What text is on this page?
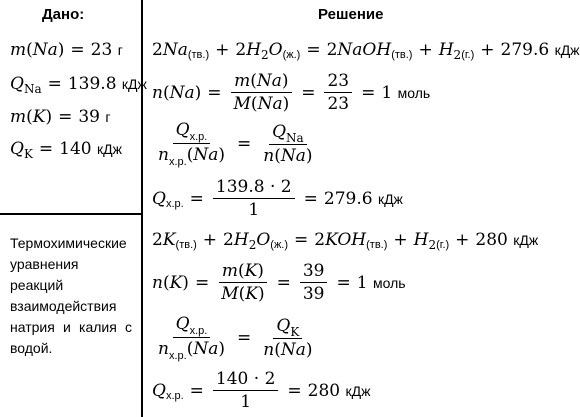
Дано:	Решение
m ( Na ) = 23
г
Q Na = 139.8
кДж
m ( K ) = 39
г
Q K = 140
кДж
Термохимические уравнения реакций взаимодействия натрия и калия с водой.
2 Na (тв.) + 2 H 2 O (ж.) = 2 NaOH (тв.) + H 2 (г.) + 279.6
кДж
n ( Na ) = $\frac{m(Na)}{M(Na)} = \frac{23}{23} = 1$
моль
$\frac{Q_{х.р.}}{n_{х.р.}(Na)} = \frac{Q_{Na}}{n(Na)}$
Q х.р. = $\frac{139.8 \cdot 2}{1} = 279.6$
кДж
2 K (тв.) + 2 H 2 O (ж.) = 2 KOH (тв.) + H 2 (г.) + 280
кДж
n ( K ) = $\frac{m(K)}{M(K)} = \frac{39}{39} = 1$
моль
$\frac{Q_{х.р.}}{n_{х.р.}(Na)} = \frac{Q_K}{n(Na)}$
Q х.р. = $\frac{140 \cdot 2}{1} = 280$
кДж
